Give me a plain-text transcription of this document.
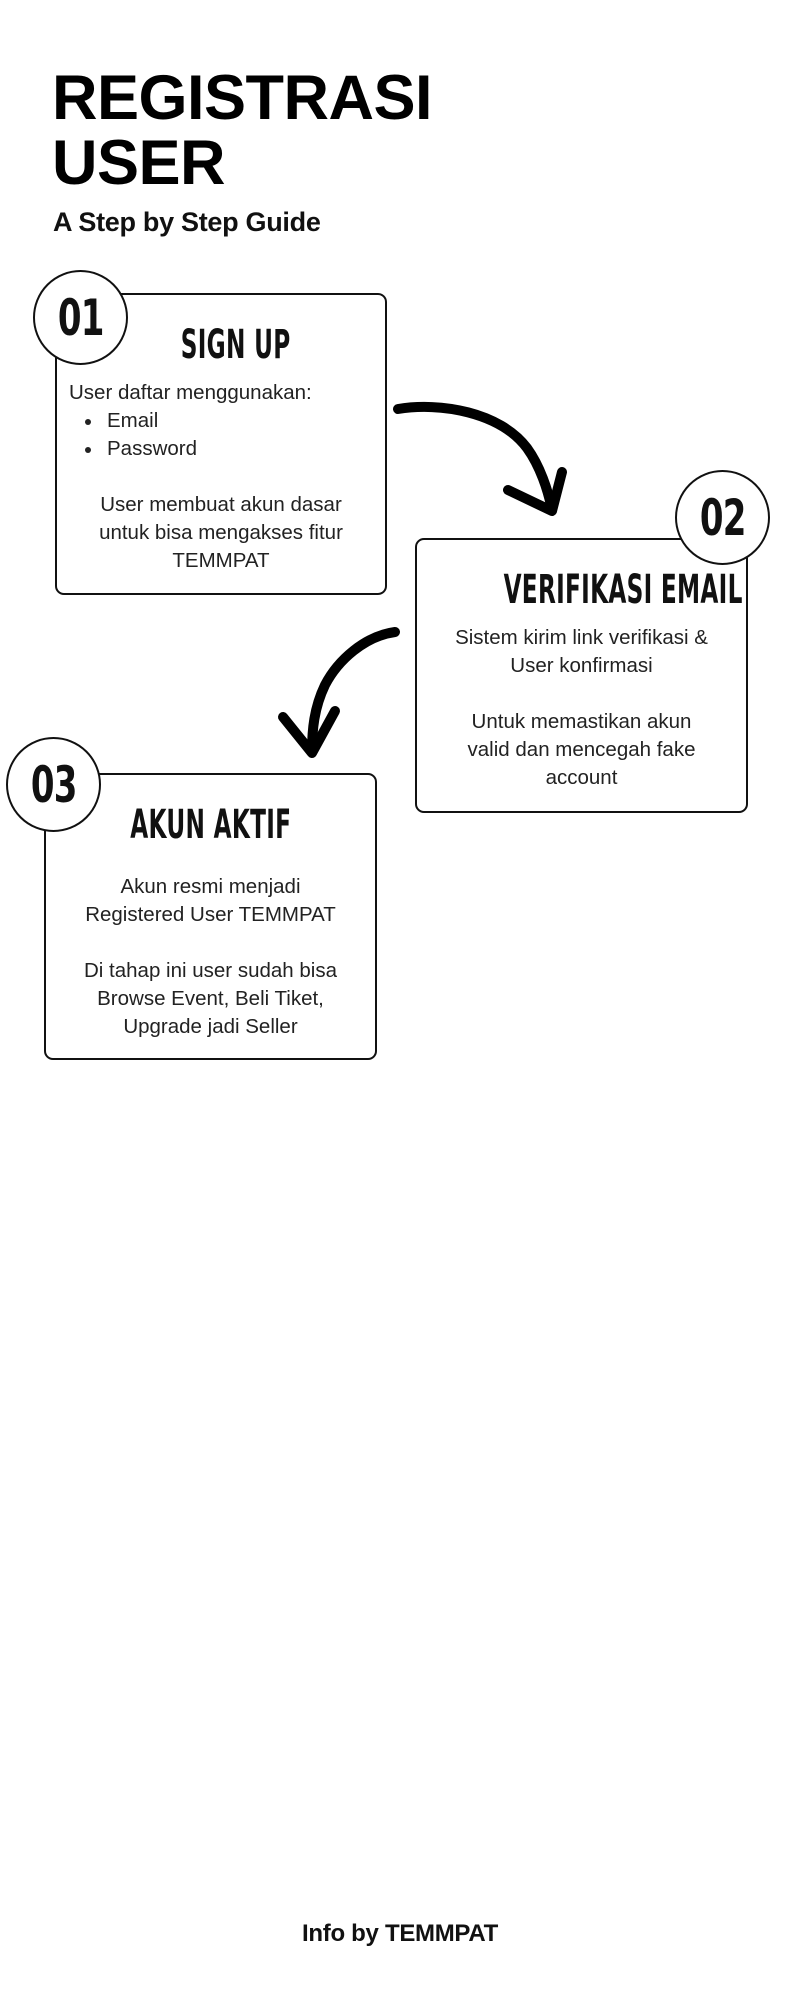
REGISTRASI
USER
A Step by Step Guide
SIGN UP

User daftar menggunakan:

Email
Password

User membuat akun dasar

untuk bisa mengakses fitur

TEMMPAT

01
VERIFIKASI EMAIL

Sistem kirim link verifikasi &

User konfirmasi

Untuk memastikan akun

valid dan mencegah fake

account

02
AKUN AKTIF

Akun resmi menjadi

Registered User TEMMPAT

Di tahap ini user sudah bisa

Browse Event, Beli Tiket,

Upgrade jadi Seller

03
Info by TEMMPAT
